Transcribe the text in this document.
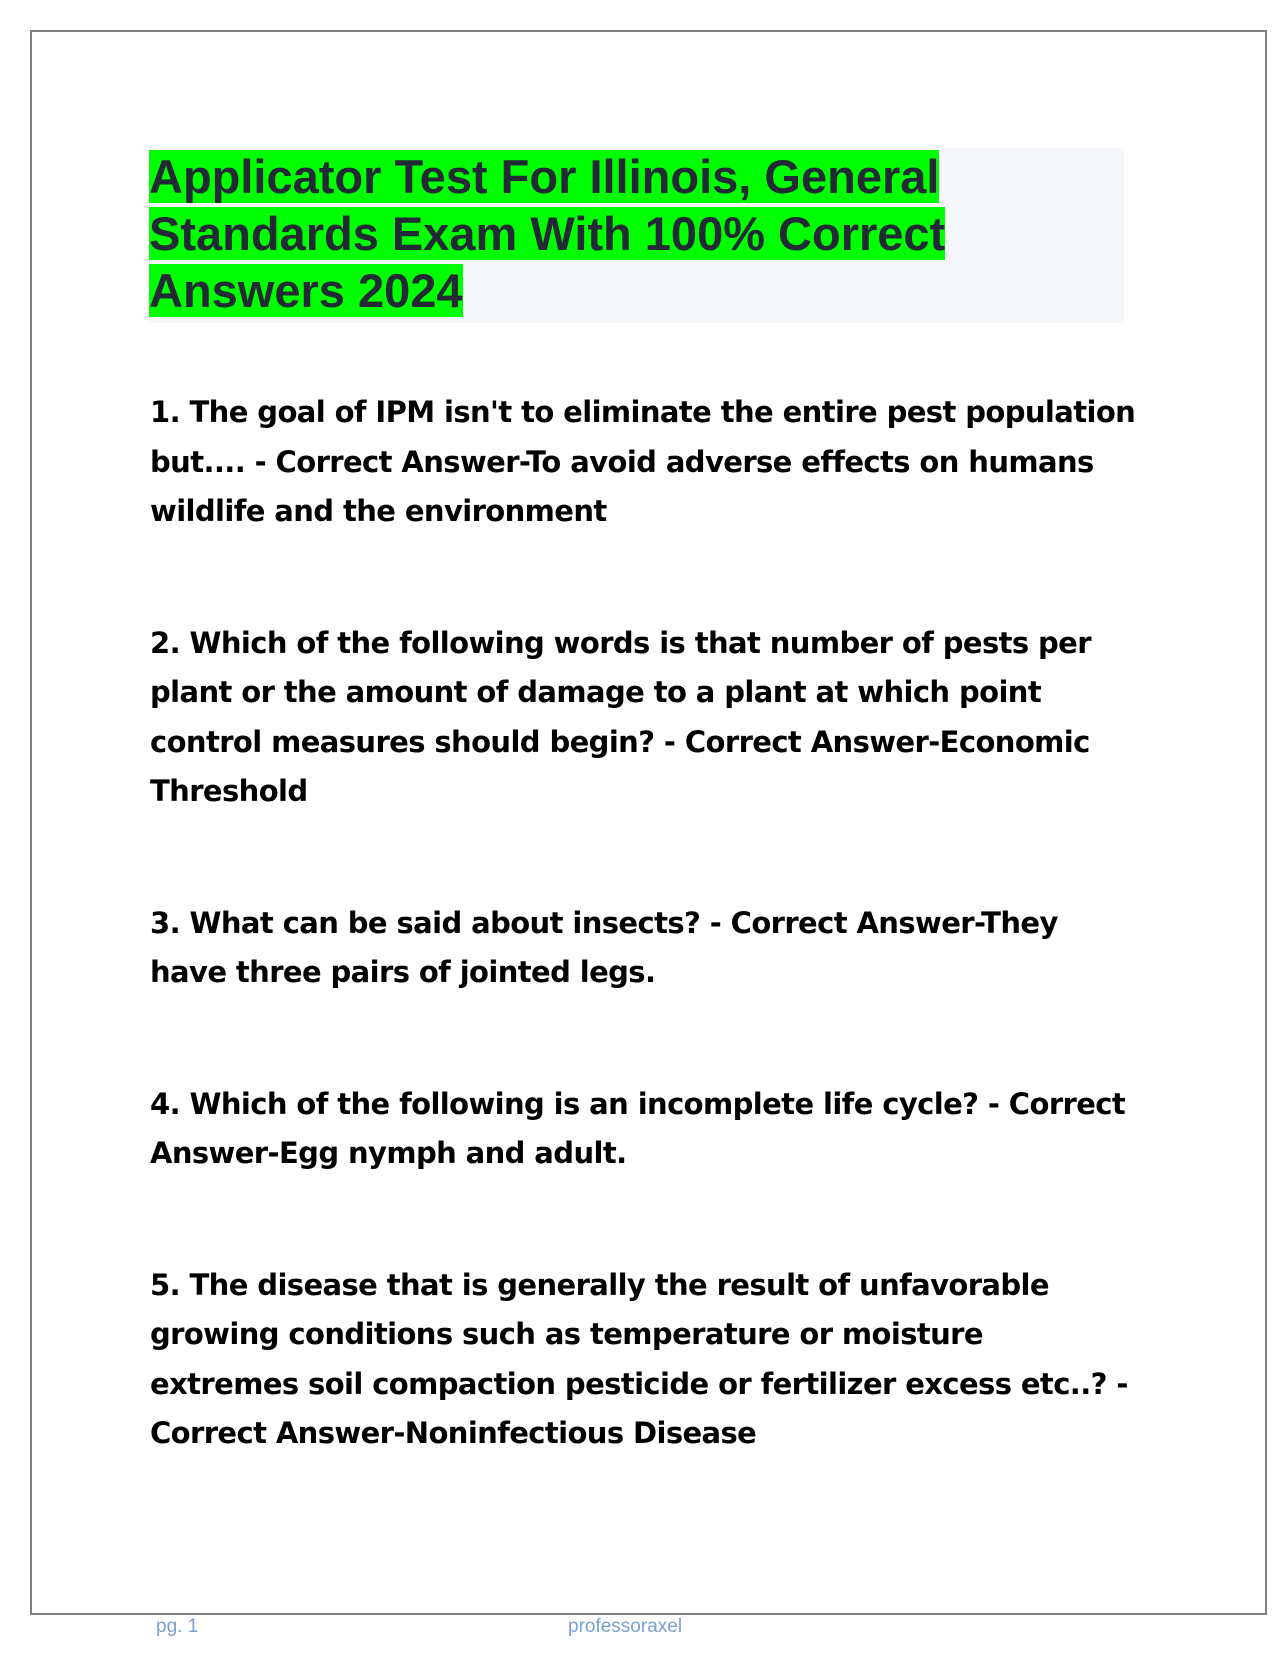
Applicator Test For Illinois, General Standards Exam With 100% Correct Answers 2024

1. The goal of IPM isn't to eliminate the entire pest population but.... - Correct Answer-To avoid adverse effects on humans wildlife and the environment

2. Which of the following words is that number of pests per plant or the amount of damage to a plant at which point control measures should begin? - Correct Answer-Economic Threshold

3. What can be said about insects? - Correct Answer-They have three pairs of jointed legs.

4. Which of the following is an incomplete life cycle? - Correct Answer-Egg nymph and adult.

5. The disease that is generally the result of unfavorable growing conditions such as temperature or moisture extremes soil compaction pesticide or fertilizer excess etc..? - Correct Answer-Noninfectious Disease

pg. 1	professoraxel
